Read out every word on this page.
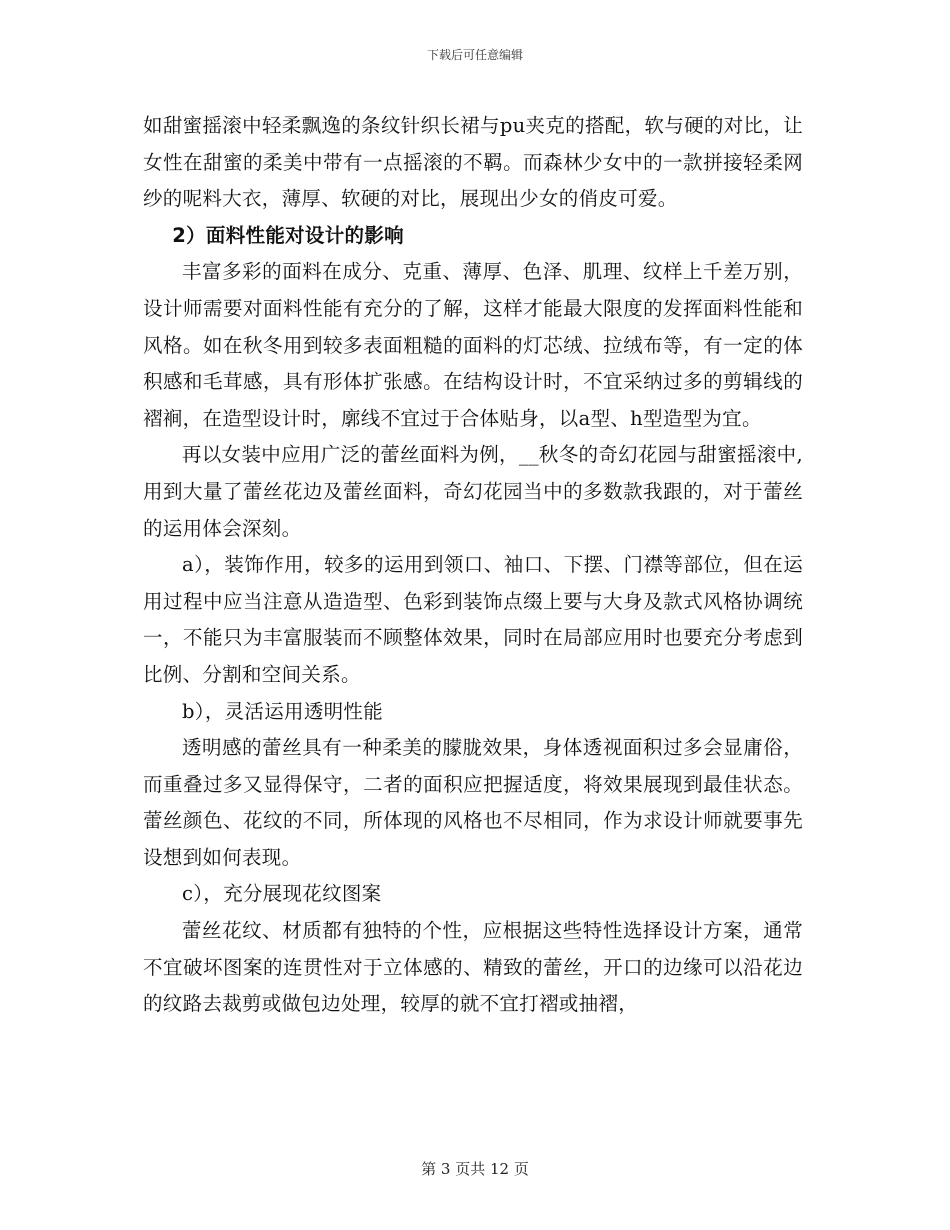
下载后可任意编辑

如甜蜜摇滚中轻柔飘逸的条纹针织长裙与pu夹克的搭配，软与硬的对比，让女性在甜蜜的柔美中带有一点摇滚的不羁。而森林少女中的一款拼接轻柔网纱的呢料大衣，薄厚、软硬的对比，展现出少女的俏皮可爱。

2）面料性能对设计的影响

丰富多彩的面料在成分、克重、薄厚、色泽、肌理、纹样上千差万别，设计师需要对面料性能有充分的了解，这样才能最大限度的发挥面料性能和风格。如在秋冬用到较多表面粗糙的面料的灯芯绒、拉绒布等，有一定的体积感和毛茸感，具有形体扩张感。在结构设计时，不宜采纳过多的剪辑线的褶裥，在造型设计时，廓线不宜过于合体贴身，以a型、h型造型为宜。

再以女装中应用广泛的蕾丝面料为例，__秋冬的奇幻花园与甜蜜摇滚中,用到大量了蕾丝花边及蕾丝面料，奇幻花园当中的多数款我跟的，对于蕾丝的运用体会深刻。

a），装饰作用，较多的运用到领口、袖口、下摆、门襟等部位，但在运用过程中应当注意从造造型、色彩到装饰点缀上要与大身及款式风格协调统一，不能只为丰富服装而不顾整体效果，同时在局部应用时也要充分考虑到比例、分割和空间关系。

b），灵活运用透明性能

透明感的蕾丝具有一种柔美的朦胧效果，身体透视面积过多会显庸俗，而重叠过多又显得保守，二者的面积应把握适度，将效果展现到最佳状态。蕾丝颜色、花纹的不同，所体现的风格也不尽相同，作为求设计师就要事先设想到如何表现。

c），充分展现花纹图案

蕾丝花纹、材质都有独特的个性，应根据这些特性选择设计方案，通常不宜破坏图案的连贯性对于立体感的、精致的蕾丝，开口的边缘可以沿花边的纹路去裁剪或做包边处理，较厚的就不宜打褶或抽褶，

第 3 页共 12 页
